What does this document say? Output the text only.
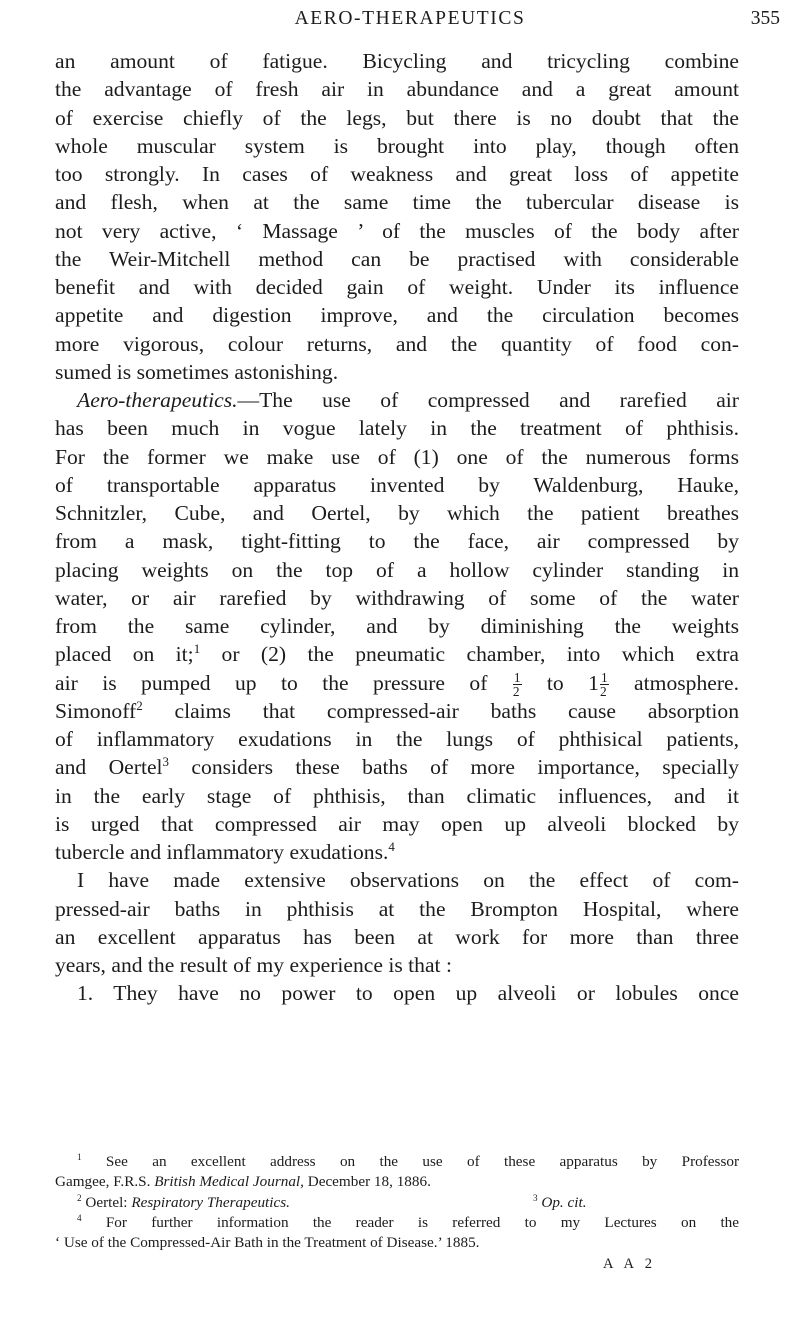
AERO-THERAPEUTICS	355
an amount of fatigue. Bicycling and tricycling combine
the advantage of fresh air in abundance and a great amount
of exercise chiefly of the legs, but there is no doubt that the
whole muscular system is brought into play, though often
too strongly. In cases of weakness and great loss of appetite
and flesh, when at the same time the tubercular disease is
not very active, ‘ Massage ’ of the muscles of the body after
the Weir-Mitchell method can be practised with considerable
benefit and with decided gain of weight. Under its influence
appetite and digestion improve, and the circulation becomes
more vigorous, colour returns, and the quantity of food con-
sumed is sometimes astonishing.
Aero-therapeutics.—The use of compressed and rarefied air
has been much in vogue lately in the treatment of phthisis.
For the former we make use of (1) one of the numerous forms
of transportable apparatus invented by Waldenburg, Hauke,
Schnitzler, Cube, and Oertel, by which the patient breathes
from a mask, tight-fitting to the face, air compressed by
placing weights on the top of a hollow cylinder standing in
water, or air rarefied by withdrawing of some of the water
from the same cylinder, and by diminishing the weights
placed on it;$^1$ or (2) the pneumatic chamber, into which extra
air is pumped up to the pressure of $\frac{1}{2}$ to $1 \frac{1}{2}$ atmosphere.
Simonoff$^2$ claims that compressed-air baths cause absorption
of inflammatory exudations in the lungs of phthisical patients,
and Oertel$^3$ considers these baths of more importance, specially
in the early stage of phthisis, than climatic influences, and it
is urged that compressed air may open up alveoli blocked by
tubercle and inflammatory exudations.$^4$
I have made extensive observations on the effect of com-
pressed-air baths in phthisis at the Brompton Hospital, where
an excellent apparatus has been at work for more than three
years, and the result of my experience is that :
1. They have no power to open up alveoli or lobules once
$^1$ See an excellent address on the use of these apparatus by Professor
Gamgee, F.R.S. British Medical Journal, December 18, 1886.
$^2$ Oertel: Respiratory Therapeutics.	$^3$ Op. cit.
$^4$ For further information the reader is referred to my Lectures on the
‘ Use of the Compressed-Air Bath in the Treatment of Disease.’ 1885.
A A 2
